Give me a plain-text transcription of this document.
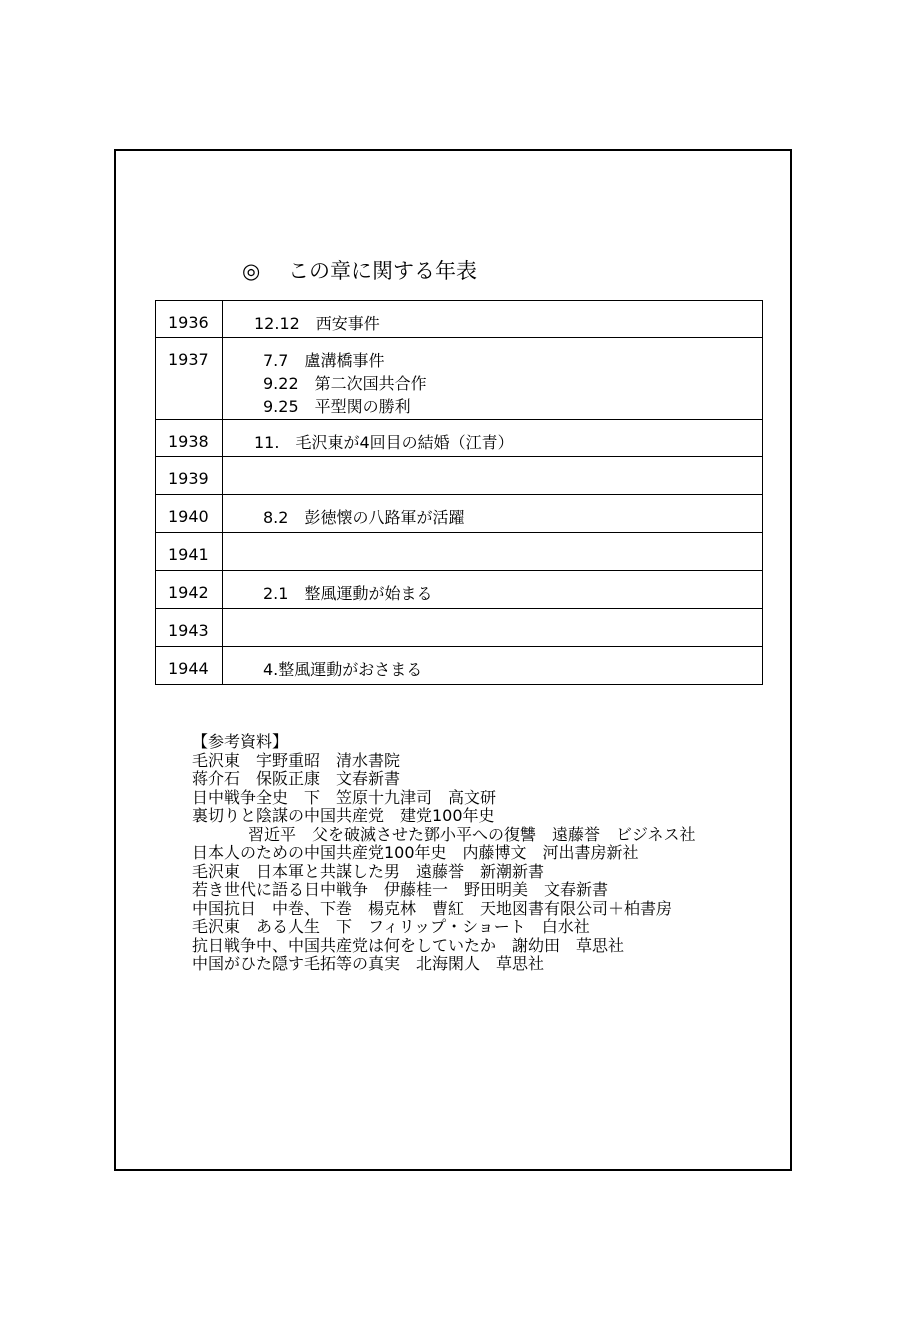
◎　 この章に関する年表
1936	12.12　西安事件

1937	7.7　盧溝橋事件
9.22　第二次国共合作
9.25　平型関の勝利

1938	11.　毛沢東が4回目の結婚（江青）

1939	
1940	8.2　彭徳懐の八路軍が活躍

1941	
1942	2.1　整風運動が始まる

1943	
1944	4.整風運動がおさまる
【参考資料】
毛沢東　宇野重昭　清水書院
蒋介石　保阪正康　文春新書
日中戦争全史　下　笠原十九津司　高文研
裏切りと陰謀の中国共産党　建党100年史
習近平　父を破滅させた鄧小平への復讐　遠藤誉　ビジネス社
日本人のための中国共産党100年史　内藤博文　河出書房新社
毛沢東　日本軍と共謀した男　遠藤誉　新潮新書
若き世代に語る日中戦争　伊藤桂一　野田明美　文春新書
中国抗日　中巻、下巻　楊克林　曹紅　天地図書有限公司＋柏書房
毛沢東　ある人生　下　フィリップ・ショート　白水社
抗日戦争中、中国共産党は何をしていたか　謝幼田　草思社
中国がひた隠す毛拓等の真実　北海閑人　草思社
